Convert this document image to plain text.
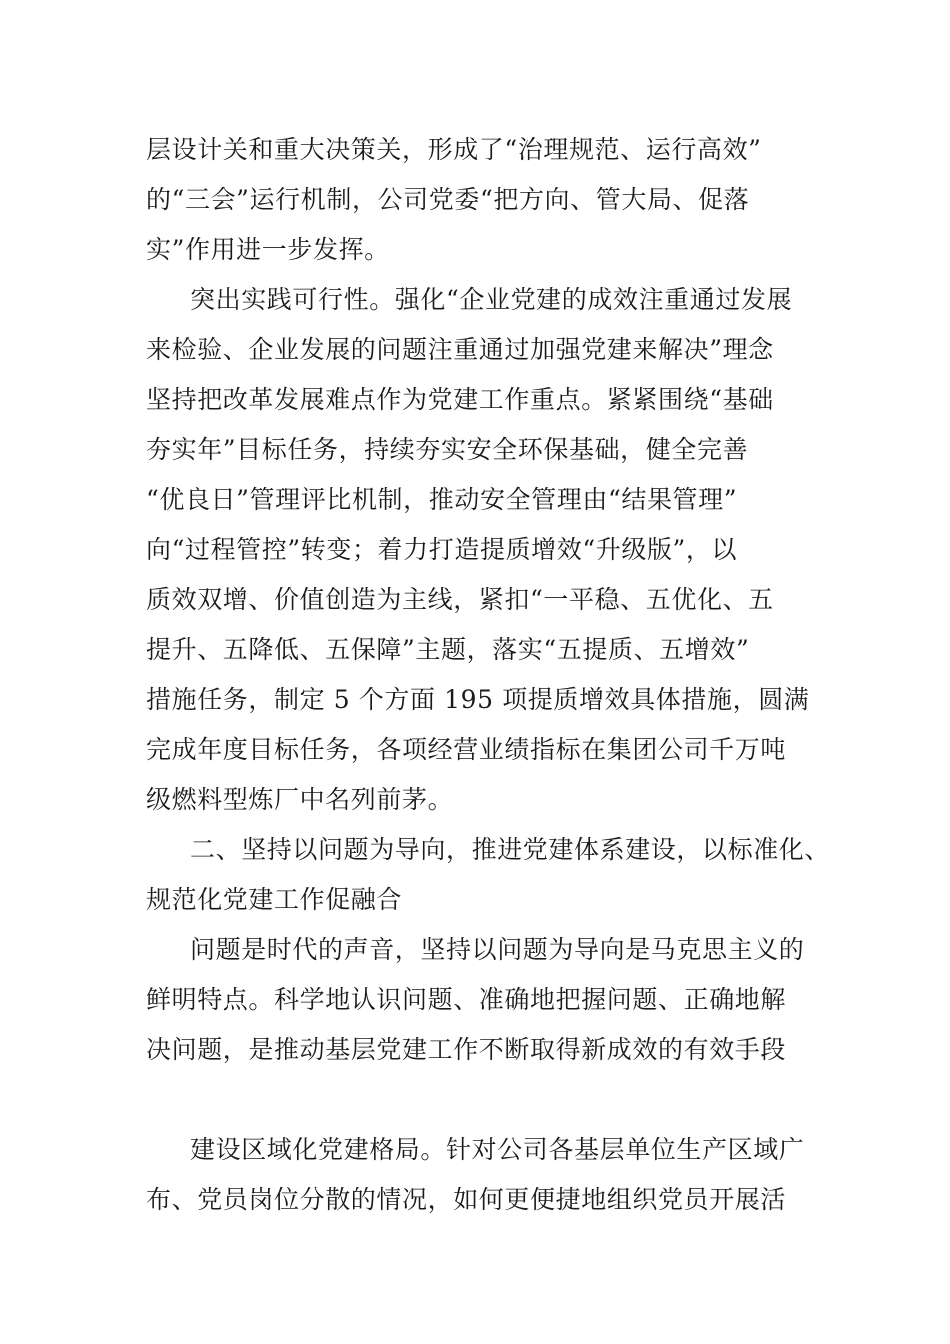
层设计关和重大决策关，形成了“治理规范、运行高效”
的“三会”运行机制，公司党委“把方向、管大局、促落
实”作用进一步发挥。
突出实践可行性。强化“企业党建的成效注重通过发展
来检验、企业发展的问题注重通过加强党建来解决”理念
坚持把改革发展难点作为党建工作重点。紧紧围绕“基础
夯实年”目标任务，持续夯实安全环保基础，健全完善
“优良日”管理评比机制，推动安全管理由“结果管理”
向“过程管控”转变；着力打造提质增效“升级版”，以
质效双增、价值创造为主线，紧扣“一平稳、五优化、五
提升、五降低、五保障”主题，落实“五提质、五增效”
措施任务，制定 5 个方面 195 项提质增效具体措施，圆满
完成年度目标任务，各项经营业绩指标在集团公司千万吨
级燃料型炼厂中名列前茅。
二、坚持以问题为导向，推进党建体系建设，以标准化、
规范化党建工作促融合
问题是时代的声音，坚持以问题为导向是马克思主义的
鲜明特点。科学地认识问题、准确地把握问题、正确地解
决问题，是推动基层党建工作不断取得新成效的有效手段
建设区域化党建格局。针对公司各基层单位生产区域广
布、党员岗位分散的情况，如何更便捷地组织党员开展活
